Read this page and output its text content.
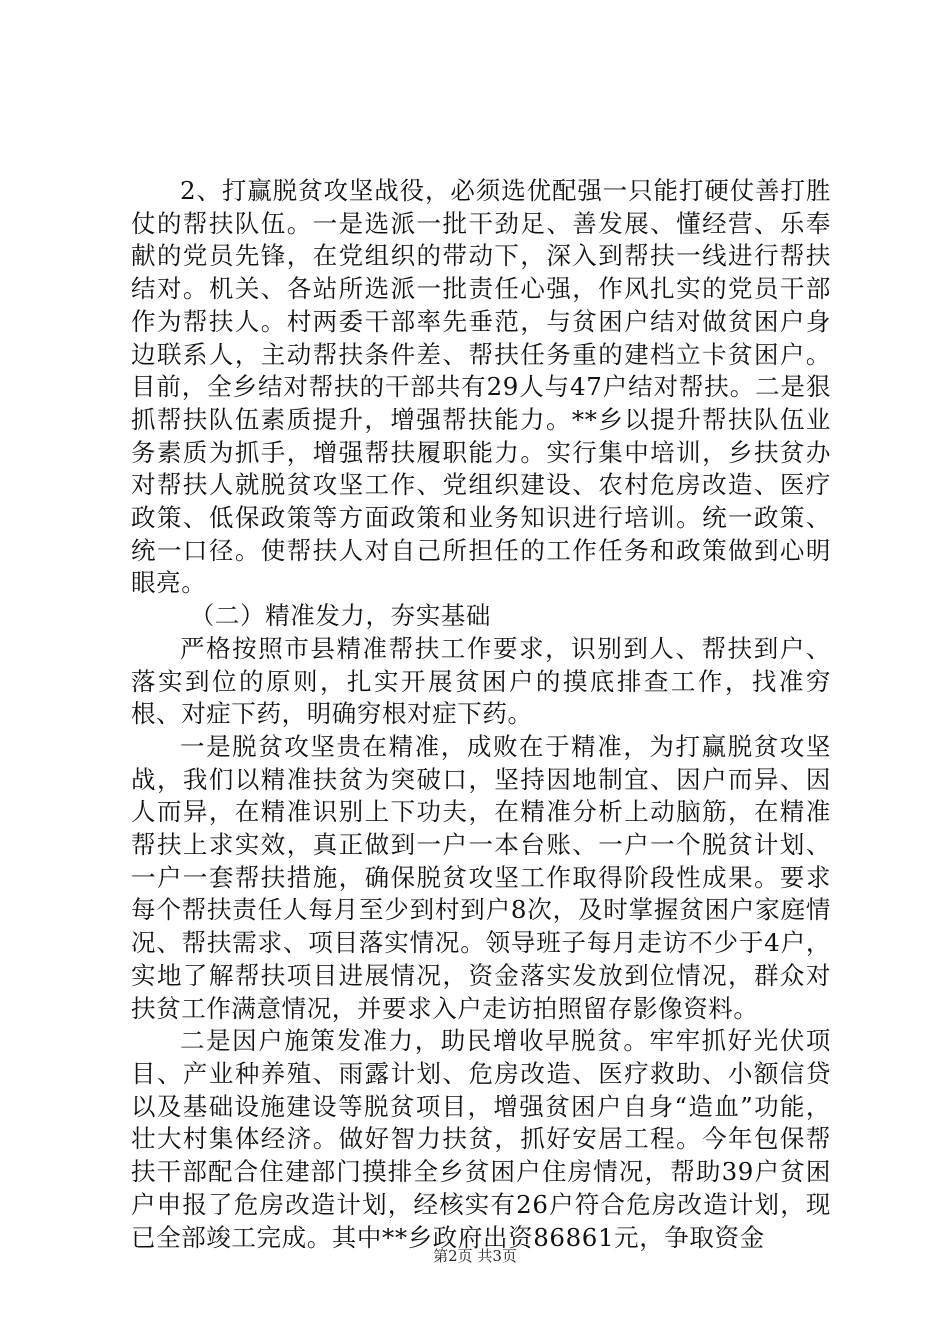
2、打赢脱贫攻坚战役，必须选优配强一只能打硬仗善打胜仗的帮扶队伍。一是选派一批干劲足、善发展、懂经营、乐奉献的党员先锋，在党组织的带动下，深入到帮扶一线进行帮扶结对。机关、各站所选派一批责任心强，作风扎实的党员干部作为帮扶人。村两委干部率先垂范，与贫困户结对做贫困户身边联系人，主动帮扶条件差、帮扶任务重的建档立卡贫困户。目前，全乡结对帮扶的干部共有29人与47户结对帮扶。二是狠抓帮扶队伍素质提升，增强帮扶能力。**乡以提升帮扶队伍业务素质为抓手，增强帮扶履职能力。实行集中培训，乡扶贫办对帮扶人就脱贫攻坚工作、党组织建设、农村危房改造、医疗政策、低保政策等方面政策和业务知识进行培训。统一政策、统一口径。使帮扶人对自己所担任的工作任务和政策做到心明眼亮。

（二）精准发力，夯实基础

严格按照市县精准帮扶工作要求，识别到人、帮扶到户、落实到位的原则，扎实开展贫困户的摸底排查工作，找准穷根、对症下药，明确穷根对症下药。

一是脱贫攻坚贵在精准，成败在于精准，为打赢脱贫攻坚战，我们以精准扶贫为突破口，坚持因地制宜、因户而异、因人而异，在精准识别上下功夫，在精准分析上动脑筋，在精准帮扶上求实效，真正做到一户一本台账、一户一个脱贫计划、一户一套帮扶措施，确保脱贫攻坚工作取得阶段性成果。要求每个帮扶责任人每月至少到村到户8次，及时掌握贫困户家庭情况、帮扶需求、项目落实情况。领导班子每月走访不少于4户，实地了解帮扶项目进展情况，资金落实发放到位情况，群众对扶贫工作满意情况，并要求入户走访拍照留存影像资料。

二是因户施策发准力，助民增收早脱贫。牢牢抓好光伏项目、产业种养殖、雨露计划、危房改造、医疗救助、小额信贷以及基础设施建设等脱贫项目，增强贫困户自身“造血”功能，壮大村集体经济。做好智力扶贫，抓好安居工程。今年包保帮扶干部配合住建部门摸排全乡贫困户住房情况，帮助39户贫困户申报了危房改造计划，经核实有26户符合危房改造计划，现已全部竣工完成。其中**乡政府出资86861元，争取资金

第2页 共3页
